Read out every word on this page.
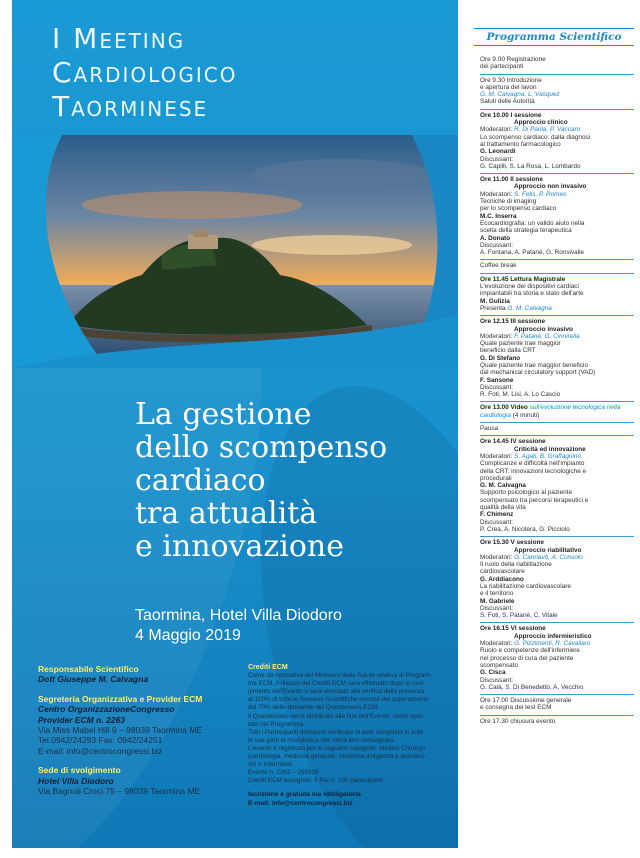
I Meeting
Cardiologico
Taorminese
La gestione
dello scompenso
cardiaco
tra attualità
e innovazione
Taormina, Hotel Villa Diodoro
4 Maggio 2019
Responsabile Scientifico
Dott Giuseppe M. Calvagna
Segreteria Organizzativa e Provider ECM
Centro OrganizzazioneCongresso
Provider ECM n. 2263
Via Miss Mabel Hill 9 – 98039 Taormina ME
Tel.0942/24293 Fax: 0942/24251
E-mail: info@centrocongressi.biz
Sede di svolgimento
Hotel Villa Diodoro
Via Bagnoli Croci 75 – 98039 Taormina ME
Crediti ECM
Come da normativa del Ministero della Salute relativa al Program-
ma ECM, il rilascio dei Crediti ECM sarà effettuato dopo lo svol-
gimento dell'Evento e sarà vincolato alla verifica della presenza
al 100% di tutte le Sessioni Scientifiche nonché del superamento
del 70% delle domande del Questionario ECM.
Il Questionario verrà distribuito alla fine dell'Evento, come ripor-
tato nel Programma.
Tutti i Partecipanti dovranno verificare di aver compilato in tutte
le sue parti la modulistica che verrà loro consegnata.
L'evento è registrato per le seguenti categorie: Medico Chirurgo
(cardiologia, medicina generale, medicina d'urgenza e anestesi-
sti) e Infermiere.
Evento n. 2263 – 259329
Crediti ECM assegnati: 6 Per n. 100 partecipanti
Iscrizione è gratuita ma obbligatoria
E-mail: info@centrocongressi.biz
Programma Scientifico
Ore 9.00 Registrazione
dei partecipanti
Ore 9.30 Introduzione
e apertura dei lavori
G. M. Calvagna, L. Vasquez
Saluti delle Autorità
Ore 10.00 I sessione
Approccio clinico
Moderatori: R. Di Paola, P. Vaccaro
Lo scompenso cardiaco: dalla diagnosi
al trattamento farmacologico
G. Leonardi
Discussant:
G. Capilli, S. La Rosa, L. Lombardo
Ore 11.00 II sessione
Approccio non invasivo
Moderatori: S. Felis, P. Romeo
Tecniche di imaging
per lo scompenso cardiaco
M.C. Inserra
Ecocardiografia: un valido aiuto nella
scelta della strategia terapeutica
A. Donato
Discussant:
A. Fontana, A. Patanè, G. Ronsivalle
Coffee break
Ore 11.45 Lettura Magistrale
L'evoluzione dei dispositivi cardiaci
impiantabili tra storia e stato dell'arte
M. Gulizia
Presenta G. M. Calvagna
Ore 12.15 III sessione
Approccio invasivo
Moderatori: F. Patanè, G. Cinnirella
Quale paziente trae maggior
beneficio dalla CRT
G. Di Stefano
Quale paziente trae maggior beneficio
dal mechanical circulatory support (VAD)
F. Sansone
Discussant:
R. Foti, M. Lisi, A. Lo Cascio
Ore 13.00 Video sull'evoluzione tecnologica nella cardiologia (4 minuti)
Pausa
Ore 14.45 IV sessione
Criticità ed innovazione
Moderatori: S. Agati, B. Graffagnino
Complicanze e difficoltà nell'impianto
della CRT: innovazioni tecnologiche e
procedurali
G. M. Calvagna
Supporto psicologico al paziente
scompensato tra percorsi terapeutici e
qualità della vita
F. Chimenz
Discussant:
P. Crea, A. Nicotera, G. Picciolo
Ore 15.30 V sessione
Approccio riabilitativo
Moderatori: G. Cannavò, A. Consolo
Il ruolo della riabilitazione
cardiovascolare
G. Arddiacono
La riabilitazione cardiovascolare
e il territorio
M. Gabriele
Discussant:
S. Foti, S. Patanè, C. Vitale
Ore 16.15 VI sessione
Approccio infermieristico
Moderatori: G. Pizzimenti, R. Cavallaro
Ruolo e competenze dell'infermiere
nel processo di cura del paziente
scompensato
G. Cisca
Discussant:
G. Calà, S. Di Benedetto, A. Vecchio
Ore 17.00 Discussione generale
e consegna dei test ECM
Ore 17.30 chiusura evento
